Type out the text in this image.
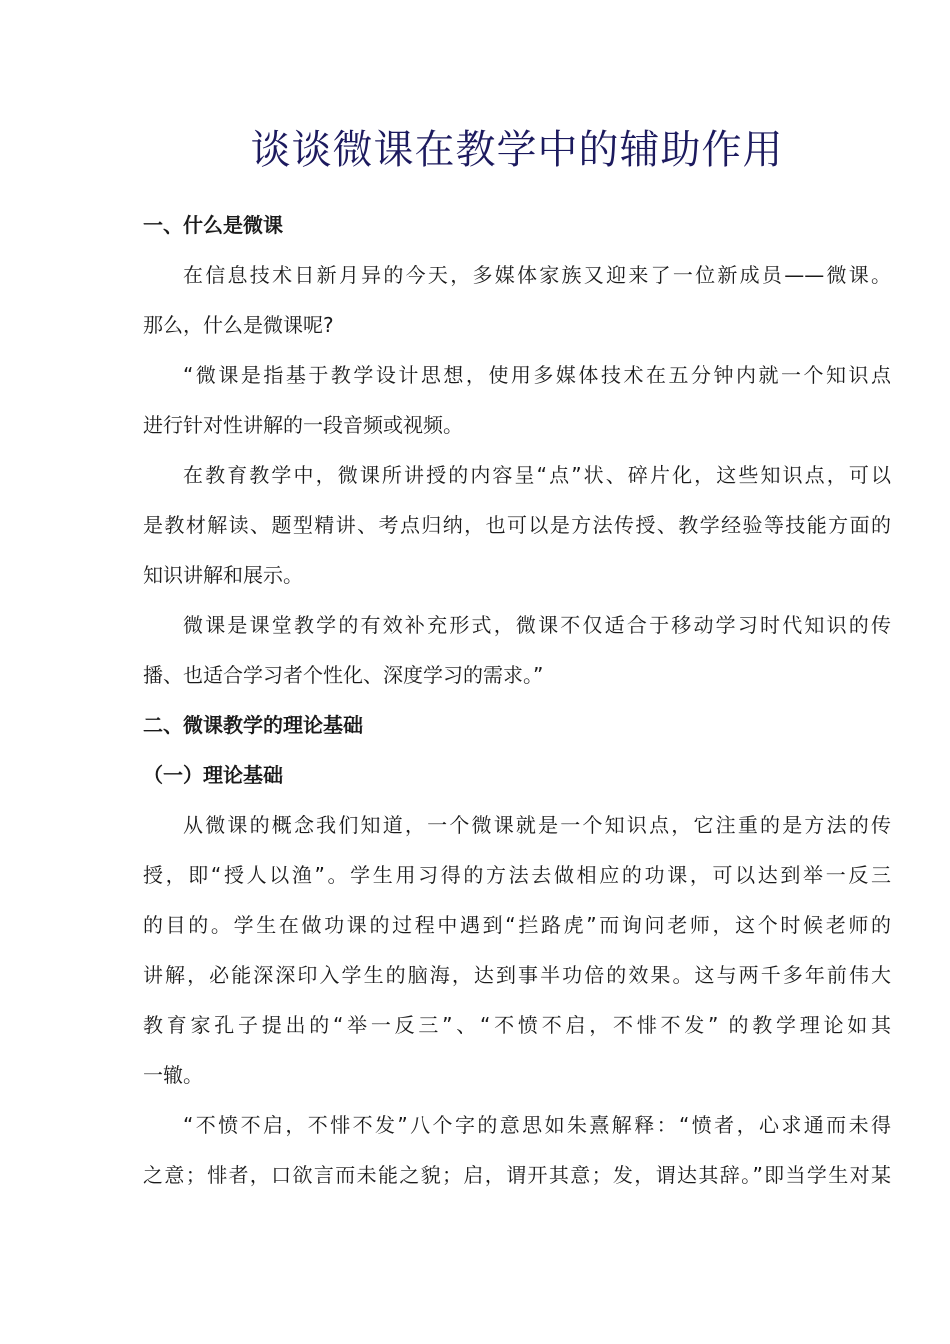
谈谈微课在教学中的辅助作用
一、什么是微课
在信息技术日新月异的今天，多媒体家族又迎来了一位新成员——微课。
那么，什么是微课呢?
“微课是指基于教学设计思想，使用多媒体技术在五分钟内就一个知识点
进行针对性讲解的一段音频或视频。
在教育教学中，微课所讲授的内容呈“点”状、碎片化，这些知识点，可以
是教材解读、题型精讲、考点归纳，也可以是方法传授、教学经验等技能方面的
知识讲解和展示。
微课是课堂教学的有效补充形式，微课不仅适合于移动学习时代知识的传
播、也适合学习者个性化、深度学习的需求。”
二、微课教学的理论基础
（一）理论基础
从微课的概念我们知道，一个微课就是一个知识点，它注重的是方法的传
授，即“授人以渔”。学生用习得的方法去做相应的功课，可以达到举一反三
的目的。学生在做功课的过程中遇到“拦路虎”而询问老师，这个时候老师的
讲解，必能深深印入学生的脑海，达到事半功倍的效果。这与两千多年前伟大
教育家孔子提出的“举一反三”、“不愤不启，不悱不发” 的教学理论如其
一辙。
“不愤不启，不悱不发”八个字的意思如朱熹解释：“愤者，心求通而未得
之意；悱者，口欲言而未能之貌；启，谓开其意；发，谓达其辞。”即当学生对某
